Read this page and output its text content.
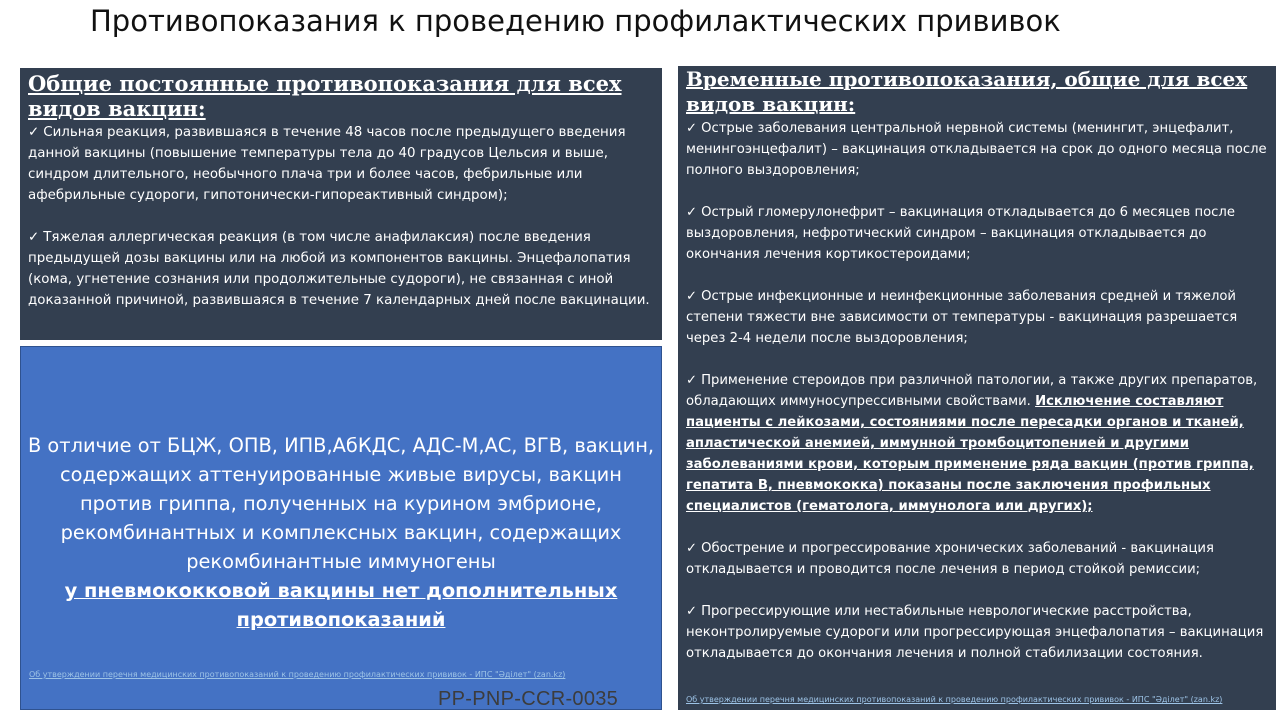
Противопоказания к проведению профилактических прививок
Общие постоянные противопоказания для всех видов вакцин:

✓ Сильная реакция, развившаяся в течение 48 часов после предыдущего введения данной вакцины (повышение температуры тела до 40 градусов Цельсия и выше, синдром длительного, необычного плача три и более часов, фебрильные или афебрильные судороги, гипотонически-гипореактивный синдром);

✓ Тяжелая аллергическая реакция (в том числе анафилаксия) после введения предыдущей дозы вакцины или на любой из компонентов вакцины. Энцефалопатия (кома, угнетение сознания или продолжительные судороги), не связанная с иной доказанной причиной, развившаяся в течение 7 календарных дней после вакцинации.

В отличие от БЦЖ, ОПВ, ИПВ,АбКДС, АДС-М,АС, ВГВ, вакцин, содержащих аттенуированные живые вирусы, вакцин против гриппа, полученных на курином эмбрионе, рекомбинантных и комплексных вакцин, содержащих рекомбинантные иммуногены
у пневмококковой вакцины нет дополнительных противопоказаний
Об утверждении перечня медицинских противопоказаний к проведению профилактических прививок - ИПС "Әділет" (zan.kz)
Временные противопоказания, общие для всех видов вакцин:

✓ Острые заболевания центральной нервной системы (менингит, энцефалит, менингоэнцефалит) – вакцинация откладывается на срок до одного месяца после полного выздоровления;

✓ Острый гломерулонефрит – вакцинация откладывается до 6 месяцев после выздоровления, нефротический синдром – вакцинация откладывается до окончания лечения кортикостероидами;

✓ Острые инфекционные и неинфекционные заболевания средней и тяжелой степени тяжести вне зависимости от температуры - вакцинация разрешается через 2-4 недели после выздоровления;

✓ Применение стероидов при различной патологии, а также других препаратов, обладающих иммуносупрессивными свойствами. Исключение составляют пациенты с лейкозами, состояниями после пересадки органов и тканей, апластической анемией, иммунной тромбоцитопенией и другими заболеваниями крови, которым применение ряда вакцин (против гриппа, гепатита В, пневмококка) показаны после заключения профильных специалистов (гематолога, иммунолога или других);

✓ Обострение и прогрессирование хронических заболеваний - вакцинация откладывается и проводится после лечения в период стойкой ремиссии;

✓ Прогрессирующие или нестабильные неврологические расстройства, неконтролируемые судороги или прогрессирующая энцефалопатия – вакцинация откладывается до окончания лечения и полной стабилизации состояния.

Об утверждении перечня медицинских противопоказаний к проведению профилактических прививок - ИПС "Әділет" (zan.kz)
PP-PNP-CCR-0035
